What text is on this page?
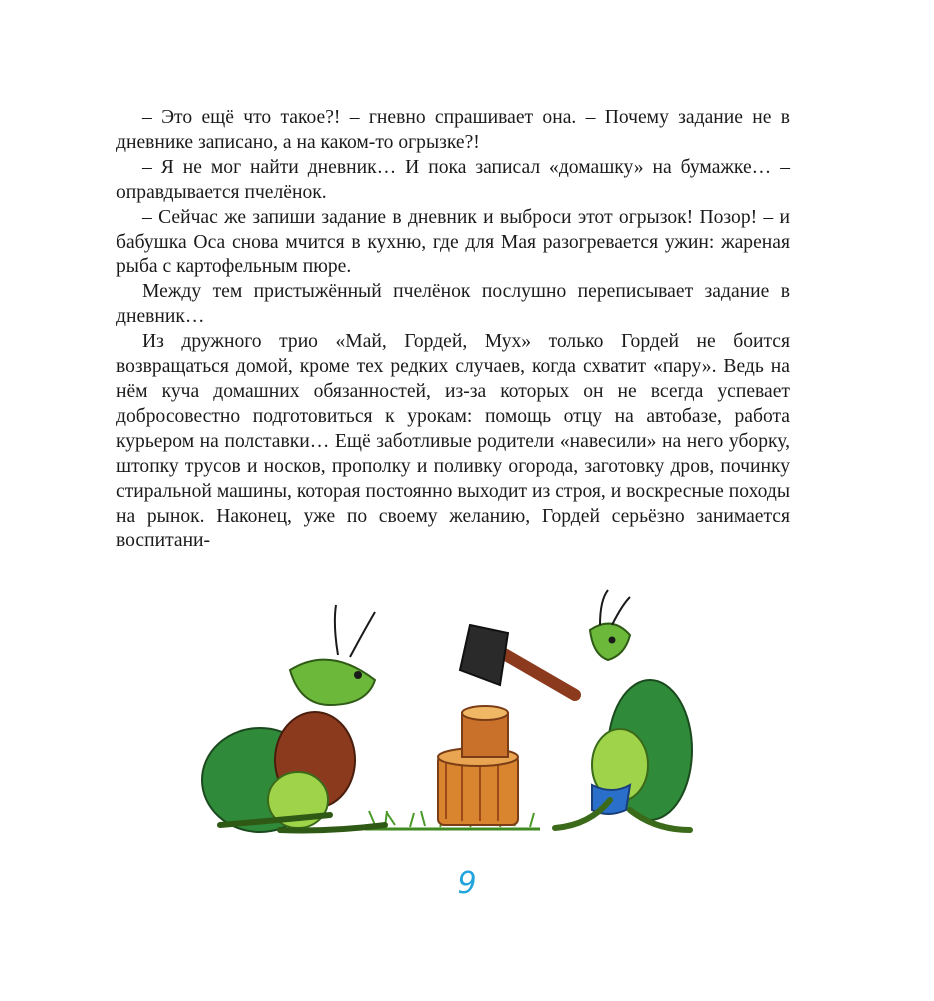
– Это ещё что такое?! – гневно спрашивает она. – Почему задание не в дневнике записано, а на каком-то огрызке?!

– Я не мог найти дневник… И пока записал «домашку» на бумажке… – оправдывается пчелёнок.

– Сейчас же запиши задание в дневник и выброси этот огрызок! Позор! – и бабушка Оса снова мчится в кухню, где для Мая разогревается ужин: жареная рыба с картофельным пюре.

Между тем пристыжённый пчелёнок послушно переписывает задание в дневник…

Из дружного трио «Май, Гордей, Мух» только Гордей не боится возвращаться домой, кроме тех редких случаев, когда схватит «пару». Ведь на нём куча домашних обязанностей, из-за которых он не всегда успевает добросовестно подготовиться к урокам: помощь отцу на автобазе, работа курьером на полставки… Ещё заботливые родители «навесили» на него уборку, штопку трусов и носков, прополку и поливку огорода, заготовку дров, починку стиральной машины, которая постоянно выходит из строя, и воскресные походы на рынок. Наконец, уже по своему желанию, Гордей серьёзно занимается воспитани-

9
